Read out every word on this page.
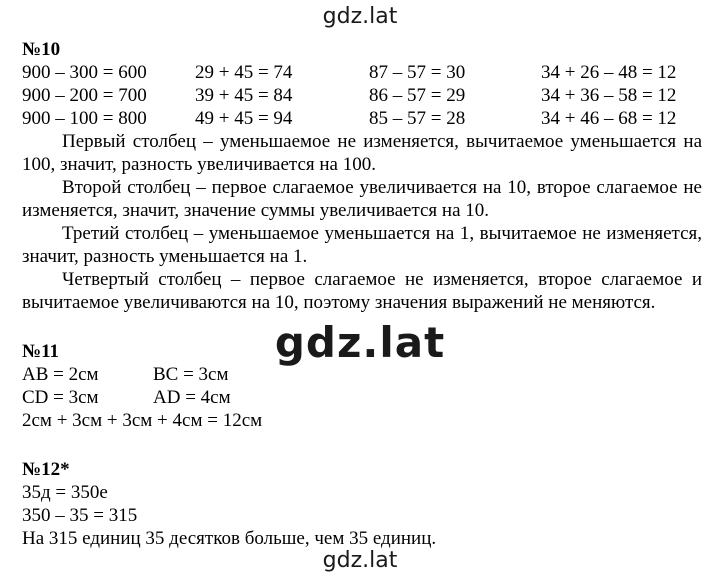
gdz.lat
gdz.lat
gdz.lat
№10
900 – 300 = 600	29 + 45 = 74	87 – 57 = 30	34 + 26 – 48 = 12
900 – 200 = 700	39 + 45 = 84	86 – 57 = 29	34 + 36 – 58 = 12
900 – 100 = 800	49 + 45 = 94	85 – 57 = 28	34 + 46 – 68 = 12

Первый столбец – уменьшаемое не изменяется, вычитаемое уменьшается на 100, значит, разность увеличивается на 100.

Второй столбец – первое слагаемое увеличивается на 10, второе слагаемое не изменяется, значит, значение суммы увеличивается на 10.

Третий столбец – уменьшаемое уменьшается на 1, вычитаемое не изменяется, значит, разность уменьшается на 1.

Четвертый столбец – первое слагаемое не изменяется, второе слагаемое и вычитаемое увеличиваются на 10, поэтому значения выражений не меняются.

№11
AB = 2см	BC = 3см
CD = 3см	AD = 4см
2см + 3см + 3см + 4см = 12см
№12*
35д = 350е
350 – 35 = 315
На 315 единиц 35 десятков больше, чем 35 единиц.
